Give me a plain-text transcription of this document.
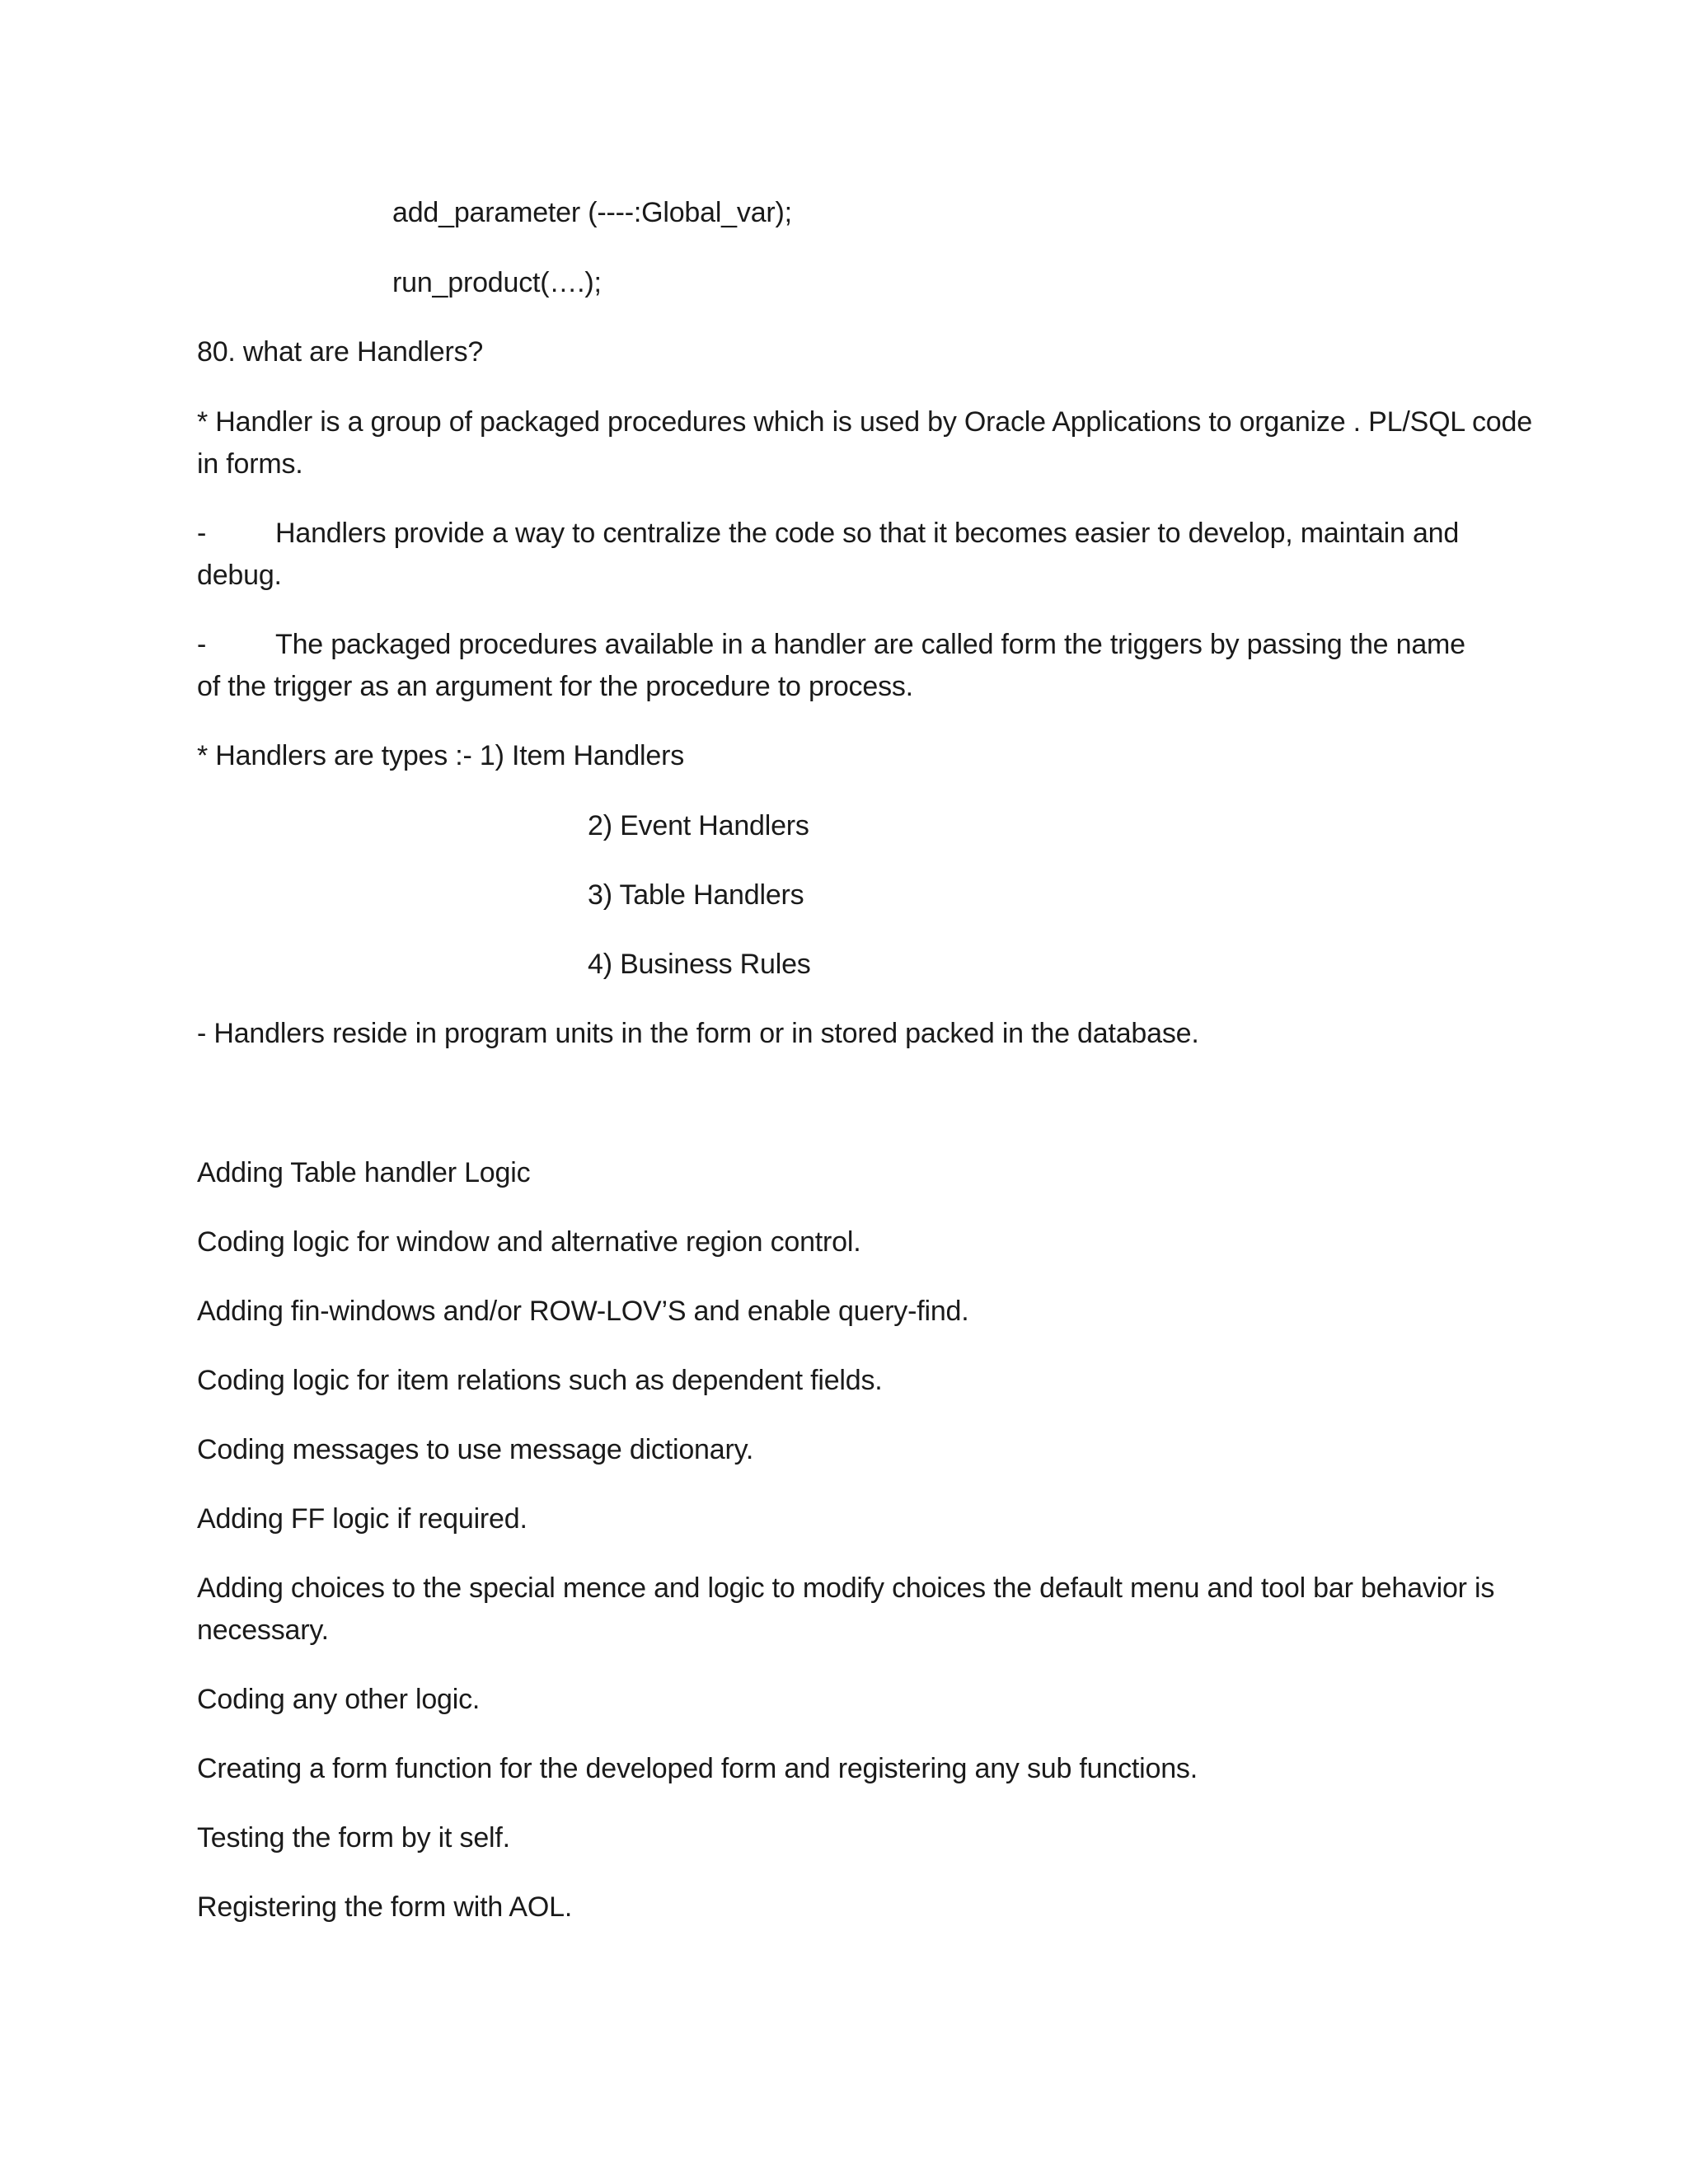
add_parameter (----:Global_var);
run_product(….);
80. what are Handlers?
* Handler is a group of packaged procedures which is used by Oracle Applications to organize . PL/SQL code in forms.
- Handlers provide a way to centralize the code so that it becomes easier to develop, maintain and
debug.
- The packaged procedures available in a handler are called form the triggers by passing the name
of the trigger as an argument for the procedure to process.
* Handlers are types :- 1) Item Handlers
2) Event Handlers
3) Table Handlers
4) Business Rules
- Handlers reside in program units in the form or in stored packed in the database.
Adding Table handler Logic
Coding logic for window and alternative region control.
Adding fin-windows and/or ROW-LOV’S and enable query-find.
Coding logic for item relations such as dependent fields.
Coding messages to use message dictionary.
Adding FF logic if required.
Adding choices to the special mence and logic to modify choices the default menu and tool bar behavior is necessary.
Coding any other logic.
Creating a form function for the developed form and registering any sub functions.
Testing the form by it self.
Registering the form with AOL.
